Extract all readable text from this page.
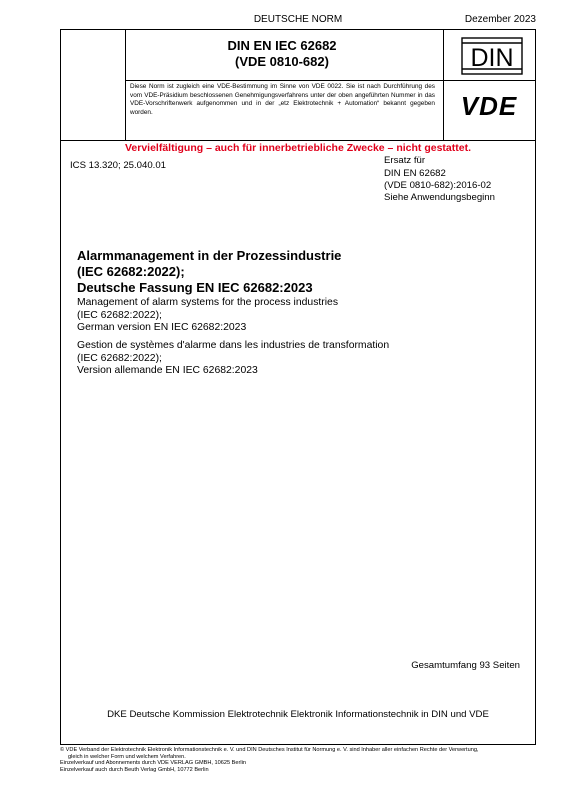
DEUTSCHE NORM	Dezember 2023
DIN EN IEC 62682
(VDE 0810-682)
Diese Norm ist zugleich eine VDE-Bestimmung im Sinne von VDE 0022. Sie ist nach Durchführung des vom VDE-Präsidium beschlossenen Genehmigungsverfahrens unter der oben angeführten Nummer in das VDE-Vorschriftenwerk aufgenommen und in der „etz Elektrotechnik + Automation“ bekannt gegeben worden.
DIN
VDE
Vervielfältigung – auch für innerbetriebliche Zwecke – nicht gestattet.
ICS 13.320; 25.040.01	Ersatz für
DIN EN 62682
(VDE 0810-682):2016-02
Siehe Anwendungsbeginn
Alarmmanagement in der Prozessindustrie
(IEC 62682:2022);
Deutsche Fassung EN IEC 62682:2023
Management of alarm systems for the process industries
(IEC 62682:2022);
German version EN IEC 62682:2023
Gestion de systèmes d'alarme dans les industries de transformation
(IEC 62682:2022);
Version allemande EN IEC 62682:2023
Gesamtumfang 93 Seiten
DKE Deutsche Kommission Elektrotechnik Elektronik Informationstechnik in DIN und VDE
© VDE Verband der Elektrotechnik Elektronik Informationstechnik e. V. und DIN Deutsches Institut für Normung e. V. sind Inhaber aller einfachen Rechte der Verwertung,
gleich in welcher Form und welchem Verfahren.
Einzelverkauf und Abonnements durch VDE VERLAG GMBH, 10625 Berlin
Einzelverkauf auch durch Beuth Verlag GmbH, 10772 Berlin
